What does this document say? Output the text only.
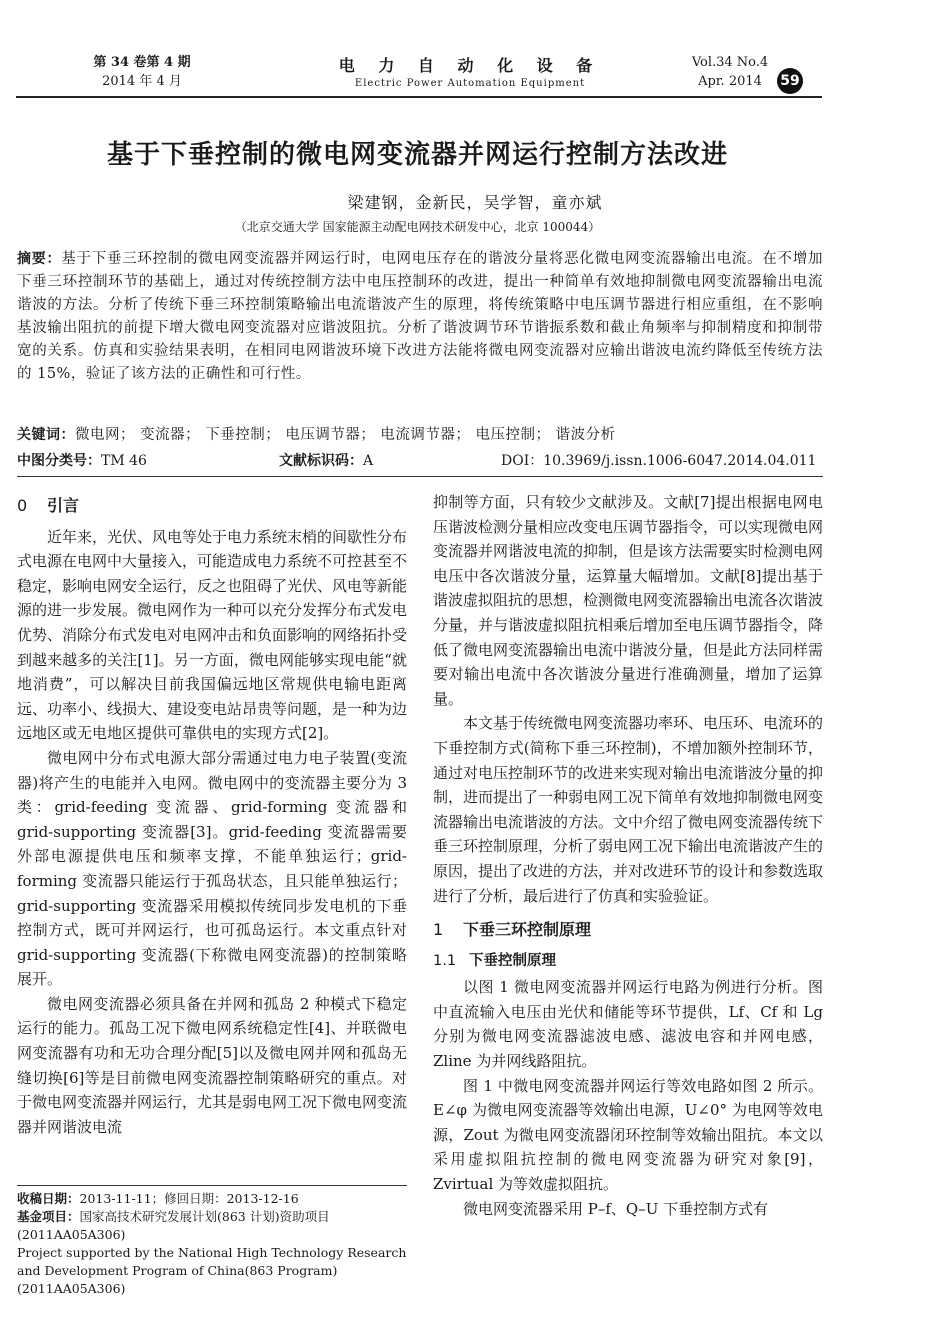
第 34 卷第 4 期
2014 年 4 月
电 力 自 动 化 设 备
Electric Power Automation Equipment
Vol.34 No.4
Apr. 2014	59
基于下垂控制的微电网变流器并网运行控制方法改进
梁建钢，金新民，吴学智，童亦斌
（北京交通大学 国家能源主动配电网技术研发中心，北京 100044）
摘要：基于下垂三环控制的微电网变流器并网运行时，电网电压存在的谐波分量将恶化微电网变流器输出电流。在不增加下垂三环控制环节的基础上，通过对传统控制方法中电压控制环的改进，提出一种简单有效地抑制微电网变流器输出电流谐波的方法。分析了传统下垂三环控制策略输出电流谐波产生的原理，将传统策略中电压调节器进行相应重组，在不影响基波输出阻抗的前提下增大微电网变流器对应谐波阻抗。分析了谐波调节环节谐振系数和截止角频率与抑制精度和抑制带宽的关系。仿真和实验结果表明，在相同电网谐波环境下改进方法能将微电网变流器对应输出谐波电流约降低至传统方法的 15%，验证了该方法的正确性和可行性。
关键词：微电网； 变流器； 下垂控制； 电压调节器； 电流调节器； 电压控制； 谐波分析
中图分类号：TM 46	文献标识码：A	DOI：10.3969/j.issn.1006-6047.2014.04.011
0 引言

近年来，光伏、风电等处于电力系统末梢的间歇性分布式电源在电网中大量接入，可能造成电力系统不可控甚至不稳定，影响电网安全运行，反之也阻碍了光伏、风电等新能源的进一步发展。微电网作为一种可以充分发挥分布式发电优势、消除分布式发电对电网冲击和负面影响的网络拓扑受到越来越多的关注[1]。另一方面，微电网能够实现电能“就地消费”，可以解决目前我国偏远地区常规供电输电距离远、功率小、线损大、建设变电站昂贵等问题，是一种为边远地区或无电地区提供可靠供电的实现方式[2]。

微电网中分布式电源大部分需通过电力电子装置(变流器)将产生的电能并入电网。微电网中的变流器主要分为 3 类：grid-feeding 变流器、grid-forming 变流器和 grid-supporting 变流器[3]。grid-feeding 变流器需要外部电源提供电压和频率支撑，不能单独运行；grid-forming 变流器只能运行于孤岛状态，且只能单独运行；grid-supporting 变流器采用模拟传统同步发电机的下垂控制方式，既可并网运行，也可孤岛运行。本文重点针对 grid-supporting 变流器(下称微电网变流器)的控制策略展开。

微电网变流器必须具备在并网和孤岛 2 种模式下稳定运行的能力。孤岛工况下微电网系统稳定性[4]、并联微电网变流器有功和无功合理分配[5]以及微电网并网和孤岛无缝切换[6]等是目前微电网变流器控制策略研究的重点。对于微电网变流器并网运行，尤其是弱电网工况下微电网变流器并网谐波电流

抑制等方面，只有较少文献涉及。文献[7]提出根据电网电压谐波检测分量相应改变电压调节器指令，可以实现微电网变流器并网谐波电流的抑制，但是该方法需要实时检测电网电压中各次谐波分量，运算量大幅增加。文献[8]提出基于谐波虚拟阻抗的思想，检测微电网变流器输出电流各次谐波分量，并与谐波虚拟阻抗相乘后增加至电压调节器指令，降低了微电网变流器输出电流中谐波分量，但是此方法同样需要对输出电流中各次谐波分量进行准确测量，增加了运算量。

本文基于传统微电网变流器功率环、电压环、电流环的下垂控制方式(简称下垂三环控制)，不增加额外控制环节，通过对电压控制环节的改进来实现对输出电流谐波分量的抑制，进而提出了一种弱电网工况下简单有效地抑制微电网变流器输出电流谐波的方法。文中介绍了微电网变流器传统下垂三环控制原理，分析了弱电网工况下输出电流谐波产生的原因，提出了改进的方法，并对改进环节的设计和参数选取进行了分析，最后进行了仿真和实验验证。

1 下垂三环控制原理
1.1 下垂控制原理

以图 1 微电网变流器并网运行电路为例进行分析。图中直流输入电压由光伏和储能等环节提供，Lf、Cf 和 Lg 分别为微电网变流器滤波电感、滤波电容和并网电感，Zline 为并网线路阻抗。

图 1 中微电网变流器并网运行等效电路如图 2 所示。E∠φ 为微电网变流器等效输出电源，U∠0° 为电网等效电源，Zout 为微电网变流器闭环控制等效输出阻抗。本文以采用虚拟阻抗控制的微电网变流器为研究对象[9]，Zvirtual 为等效虚拟阻抗。

微电网变流器采用 P–f、Q–U 下垂控制方式有

收稿日期：2013-11-11；修回日期：2013-12-16
基金项目：国家高技术研究发展计划(863 计划)资助项目(2011AA05A306)
Project supported by the National High Technology Research and Development Program of China(863 Program)(2011AA05A306)
